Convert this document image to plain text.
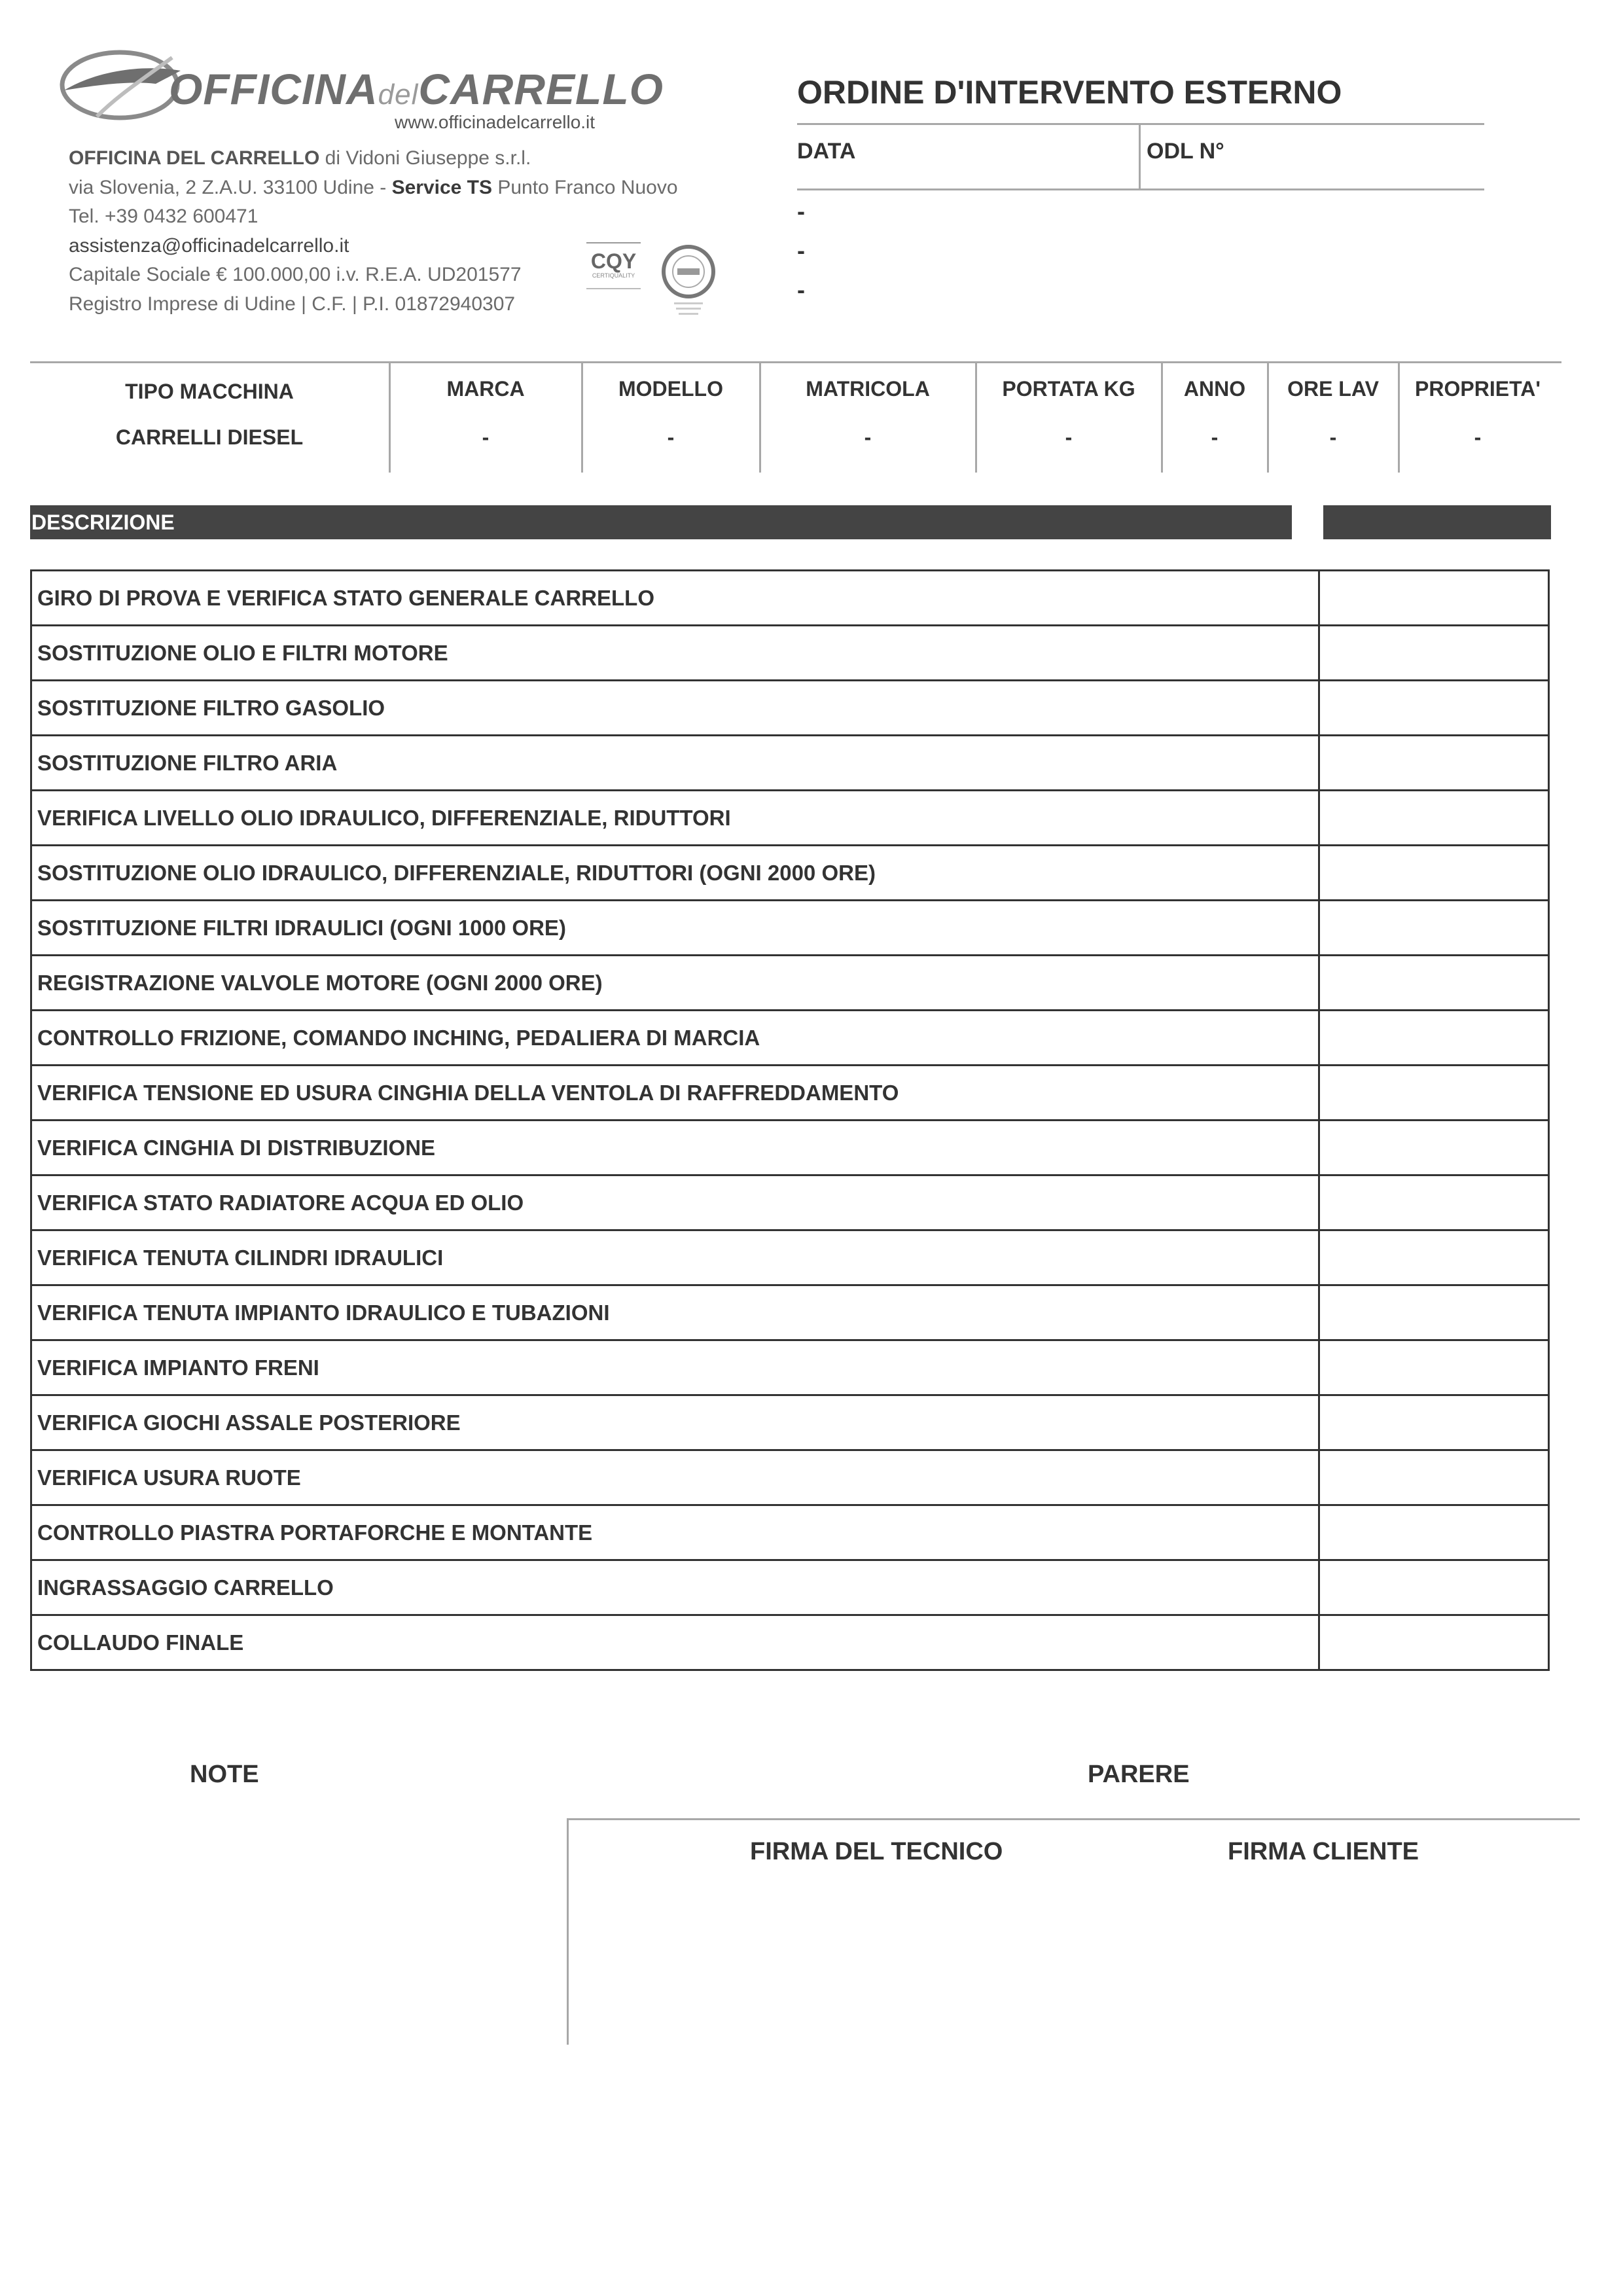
OFFICINAdelCARRELLO
www.officinadelcarrello.it
OFFICINA DEL CARRELLO di Vidoni Giuseppe s.r.l.
via Slovenia, 2 Z.A.U. 33100 Udine - Service TS Punto Franco Nuovo
Tel. +39 0432 600471
assistenza@officinadelcarrello.it
Capitale Sociale € 100.000,00 i.v. R.E.A. UD201577
Registro Imprese di Udine | C.F. | P.I. 01872940307
CQY
CERTIQUALITY
ORDINE D'INTERVENTO ESTERNO
DATA	ODL N°
-
-
-
TIPO MACCHINA	MARCA	MODELLO	MATRICOLA	PORTATA KG	ANNO	ORE LAV	PROPRIETA'
CARRELLI DIESEL	-	-	-	-	-	-	-
DESCRIZIONE
GIRO DI PROVA E VERIFICA STATO GENERALE CARRELLO	
SOSTITUZIONE OLIO E FILTRI MOTORE	
SOSTITUZIONE FILTRO GASOLIO	
SOSTITUZIONE FILTRO ARIA	
VERIFICA LIVELLO OLIO IDRAULICO, DIFFERENZIALE, RIDUTTORI	
SOSTITUZIONE OLIO IDRAULICO, DIFFERENZIALE, RIDUTTORI (OGNI 2000 ORE)	
SOSTITUZIONE FILTRI IDRAULICI (OGNI 1000 ORE)	
REGISTRAZIONE VALVOLE MOTORE (OGNI 2000 ORE)	
CONTROLLO FRIZIONE, COMANDO INCHING, PEDALIERA DI MARCIA	
VERIFICA TENSIONE ED USURA CINGHIA DELLA VENTOLA DI RAFFREDDAMENTO	
VERIFICA CINGHIA DI DISTRIBUZIONE	
VERIFICA STATO RADIATORE ACQUA ED OLIO	
VERIFICA TENUTA CILINDRI IDRAULICI	
VERIFICA TENUTA IMPIANTO IDRAULICO E TUBAZIONI	
VERIFICA IMPIANTO FRENI	
VERIFICA GIOCHI ASSALE POSTERIORE	
VERIFICA USURA RUOTE	
CONTROLLO PIASTRA PORTAFORCHE E MONTANTE	
INGRASSAGGIO CARRELLO	
COLLAUDO FINALE	
NOTE	PARERE
FIRMA DEL TECNICO	FIRMA CLIENTE
